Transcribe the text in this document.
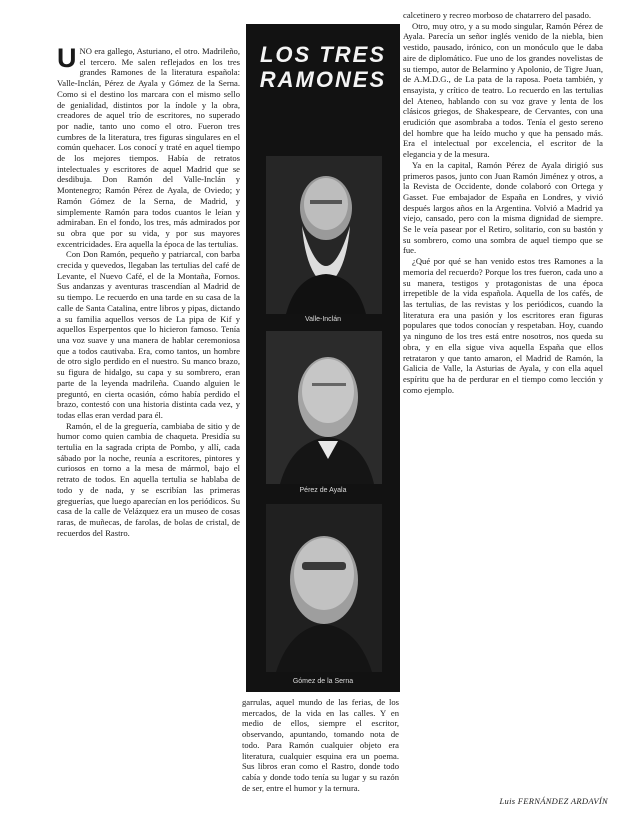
UNO era gallego, Asturiano, el otro. Madrileño, el tercero. Me salen reflejados en los tres grandes Ramones de la literatura española: Valle-Inclán, Pérez de Ayala y Gómez de la Serna. Como si el destino los marcara con el mismo sello de genialidad, distintos por la índole y la obra, creadores de aquel trío de escritores, no superado por nadie, tanto uno como el otro. Fueron tres cumbres de la literatura, tres figuras singulares en el común quehacer. Los conocí y traté en aquel tiempo de los mejores tiempos. Había de retratos intelectuales y escritores de aquel Madrid que se desdibuja. Don Ramón del Valle-Inclán y Montenegro; Ramón Pérez de Ayala, de Oviedo; y Ramón Gómez de la Serna, de Madrid, y simplemente Ramón para todos cuantos le leían y admiraban. En el fondo, los tres, más admirados por su obra que por su vida, y por sus mayores excentricidades. Era aquella la época de las tertulias.

Con Don Ramón, pequeño y patriarcal, con barba crecida y quevedos, llegaban las tertulias del café de Levante, el Nuevo Café, el de la Montaña, Fornos. Sus andanzas y aventuras trascendían al Madrid de su tiempo. Le recuerdo en una tarde en su casa de la calle de Santa Catalina, entre libros y pipas, dictando a su familia aquellos versos de La pipa de Kif y aquellos Esperpentos que lo hicieron famoso. Tenía una voz suave y una manera de hablar ceremoniosa que a todos cautivaba. Era, como tantos, un hombre de otro siglo perdido en el nuestro. Su manco brazo, su figura de hidalgo, su capa y su sombrero, eran parte de la leyenda madrileña. Cuando alguien le preguntó, en cierta ocasión, cómo había perdido el brazo, contestó con una historia distinta cada vez, y todas ellas eran verdad para él.

Ramón, el de la greguería, cambiaba de sitio y de humor como quien cambia de chaqueta. Presidía su tertulia en la sagrada cripta de Pombo, y allí, cada sábado por la noche, reunía a escritores, pintores y curiosos en torno a la mesa de mármol, bajo el retrato de todos. En aquella tertulia se hablaba de todo y de nada, y se escribían las primeras greguerías, que luego aparecían en los periódicos. Su casa de la calle de Velázquez era un museo de cosas raras, de muñecas, de farolas, de bolas de cristal, de recuerdos del Rastro.

LOS TRES RAMONES
Valle-Inclán
Pérez de Ayala
Gómez de la Serna

garrulas, aquel mundo de las ferias, de los mercados, de la vida en las calles. Y en medio de ellos, siempre el escritor, observando, apuntando, tomando nota de todo. Para Ramón cualquier objeto era literatura, cualquier esquina era un poema. Sus libros eran como el Rastro, donde todo cabía y donde todo tenía su lugar y su razón de ser, entre el humor y la ternura.

calcetinero y recreo morboso de chatarrero del pasado.

Otro, muy otro, y a su modo singular, Ramón Pérez de Ayala. Parecía un señor inglés venido de la niebla, bien vestido, pausado, irónico, con un monóculo que le daba aire de diplomático. Fue uno de los grandes novelistas de su tiempo, autor de Belarmino y Apolonio, de Tigre Juan, de A.M.D.G., de La pata de la raposa. Poeta también, y ensayista, y crítico de teatro. Lo recuerdo en las tertulias del Ateneo, hablando con su voz grave y lenta de los clásicos griegos, de Shakespeare, de Cervantes, con una erudición que asombraba a todos. Tenía el gesto sereno del hombre que ha leído mucho y que ha pensado más. Era el intelectual por excelencia, el escritor de la elegancia y de la mesura.

Ya en la capital, Ramón Pérez de Ayala dirigió sus primeros pasos, junto con Juan Ramón Jiménez y otros, a la Revista de Occidente, donde colaboró con Ortega y Gasset. Fue embajador de España en Londres, y vivió después largos años en la Argentina. Volvió a Madrid ya viejo, cansado, pero con la misma dignidad de siempre. Se le veía pasear por el Retiro, solitario, con su bastón y su sombrero, como una sombra de aquel tiempo que se fue.

¿Qué por qué se han venido estos tres Ramones a la memoria del recuerdo? Porque los tres fueron, cada uno a su manera, testigos y protagonistas de una época irrepetible de la vida española. Aquella de los cafés, de las tertulias, de las revistas y los periódicos, cuando la literatura era una pasión y los escritores eran figuras populares que todos conocían y respetaban. Hoy, cuando ya ninguno de los tres está entre nosotros, nos queda su obra, y en ella sigue viva aquella España que ellos retrataron y que tanto amaron, el Madrid de Ramón, la Galicia de Valle, la Asturias de Ayala, y con ella aquel espíritu que ha de perdurar en el tiempo como lección y como ejemplo.

Luis FERNÁNDEZ ARDAVÍN
